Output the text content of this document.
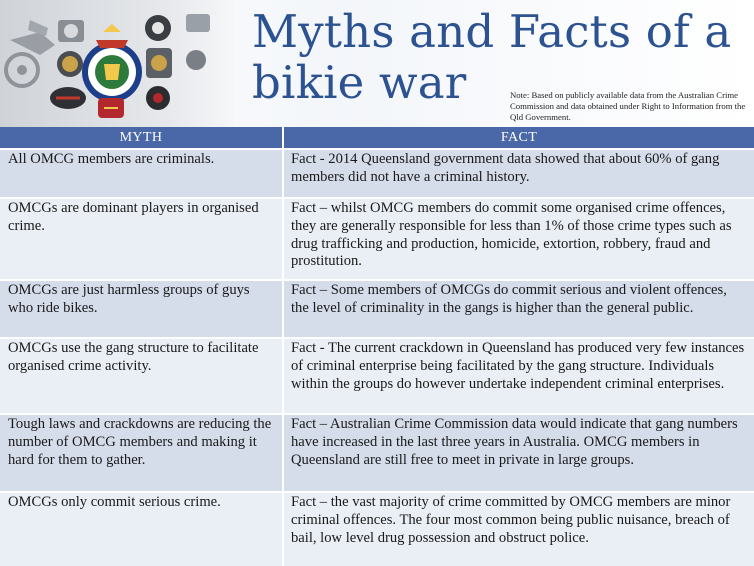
Myths and Facts of a bikie war	Note: Based on publicly available data from the Australian Crime Commission and data obtained under Right to Information from the Qld Government.
MYTH	FACT
All OMCG members are criminals.	Fact - 2014 Queensland government data showed that about 60% of gang members did not have a criminal history.
OMCGs are dominant players in organised crime.	Fact – whilst OMCG members do commit some organised crime offences, they are generally responsible for less than 1% of those crime types such as drug trafficking and production, homicide, extortion, robbery, fraud and prostitution.
OMCGs are just harmless groups of guys who ride bikes.	Fact – Some members of OMCGs do commit serious and violent offences, the level of criminality in the gangs is higher than the general public.
OMCGs use the gang structure to facilitate organised crime activity.	Fact - The current crackdown in Queensland has produced very few instances of criminal enterprise being facilitated by the gang structure. Individuals within the groups do however undertake independent criminal enterprises.
Tough laws and crackdowns are reducing the number of OMCG members and making it hard for them to gather.	Fact – Australian Crime Commission data would indicate that gang numbers have increased in the last three years in Australia. OMCG members in Queensland are still free to meet in private in large groups.
OMCGs only commit serious crime.	Fact – the vast majority of crime committed by OMCG members are minor criminal offences. The four most common being public nuisance, breach of bail, low level drug possession and obstruct police.
